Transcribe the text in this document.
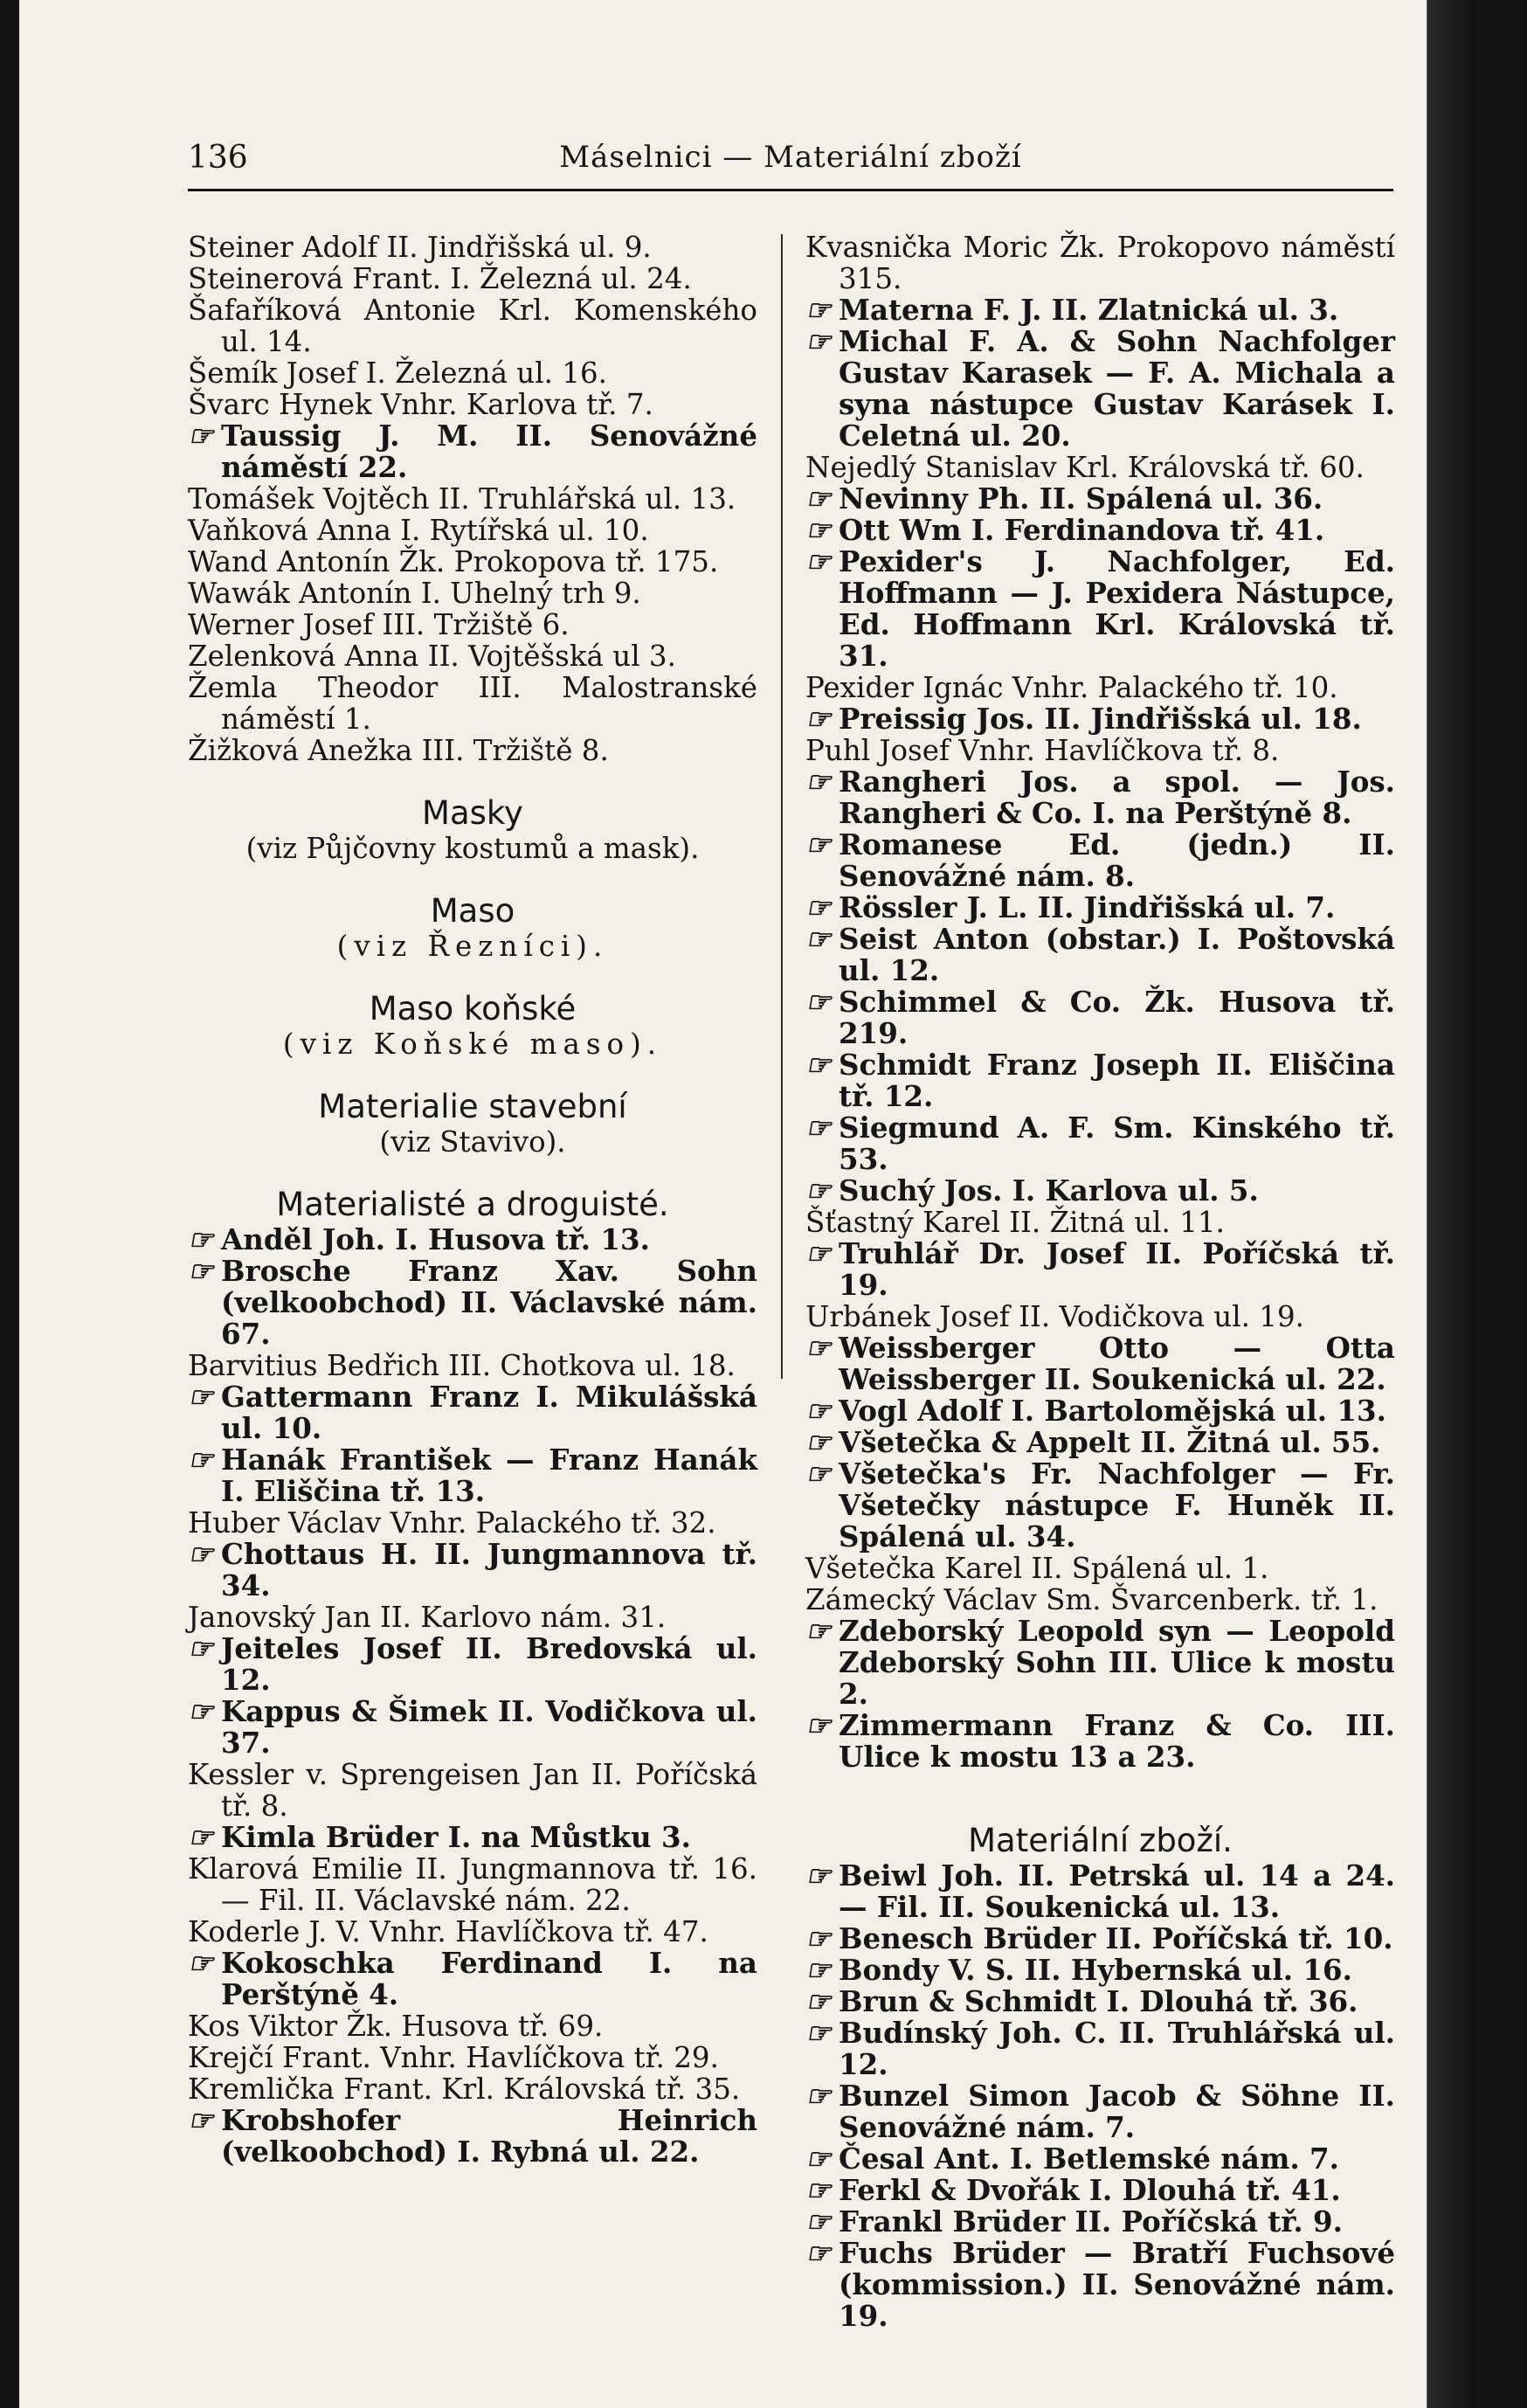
136	Máselnici — Materiální zboží

Steiner Adolf II. Jindřišská ul. 9.

Steinerová Frant. I. Železná ul. 24.

Šafaříková Antonie Krl. Komenského ul. 14.

Šemík Josef I. Železná ul. 16.

Švarc Hynek Vnhr. Karlova tř. 7.

☞ Taussig J. M. II. Senovážné náměstí 22.

Tomášek Vojtěch II. Truhlářská ul. 13.

Vaňková Anna I. Rytířská ul. 10.

Wand Antonín Žk. Prokopova tř. 175.

Wawák Antonín I. Uhelný trh 9.

Werner Josef III. Tržiště 6.

Zelenková Anna II. Vojtěšská ul 3.

Žemla Theodor III. Malostranské náměstí 1.

Žižková Anežka III. Tržiště 8.

Masky
(viz Půjčovny kostumů a mask).
Maso
(viz Řezníci).
Maso koňské
(viz Koňské maso).
Materialie stavební
(viz Stavivo).
Materialisté a droguisté.

☞ Anděl Joh. I. Husova tř. 13.

☞ Brosche Franz Xav. Sohn (velkoobchod) II. Václavské nám. 67.

Barvitius Bedřich III. Chotkova ul. 18.

☞ Gattermann Franz I. Mikulášská ul. 10.

☞ Hanák František — Franz Hanák I. Eliščina tř. 13.

Huber Václav Vnhr. Palackého tř. 32.

☞ Chottaus H. II. Jungmannova tř. 34.

Janovský Jan II. Karlovo nám. 31.

☞ Jeiteles Josef II. Bredovská ul. 12.

☞ Kappus & Šimek II. Vodičkova ul. 37.

Kessler v. Sprengeisen Jan II. Poříčská tř. 8.

☞ Kimla Brüder I. na Můstku 3.

Klarová Emilie II. Jungmannova tř. 16. — Fil. II. Václavské nám. 22.

Koderle J. V. Vnhr. Havlíčkova tř. 47.

☞ Kokoschka Ferdinand I. na Perštýně 4.

Kos Viktor Žk. Husova tř. 69.

Krejčí Frant. Vnhr. Havlíčkova tř. 29.

Kremlička Frant. Krl. Královská tř. 35.

☞ Krobshofer Heinrich (velkoobchod) I. Rybná ul. 22.

Kvasnička Moric Žk. Prokopovo náměstí 315.

☞ Materna F. J. II. Zlatnická ul. 3.

☞ Michal F. A. & Sohn Nachfolger Gustav Karasek — F. A. Michala a syna nástupce Gustav Karásek I. Celetná ul. 20.

Nejedlý Stanislav Krl. Královská tř. 60.

☞ Nevinny Ph. II. Spálená ul. 36.

☞ Ott Wm I. Ferdinandova tř. 41.

☞ Pexider's J. Nachfolger, Ed. Hoffmann — J. Pexidera Nástupce, Ed. Hoffmann Krl. Královská tř. 31.

Pexider Ignác Vnhr. Palackého tř. 10.

☞ Preissig Jos. II. Jindřišská ul. 18.

Puhl Josef Vnhr. Havlíčkova tř. 8.

☞ Rangheri Jos. a spol. — Jos. Rangheri & Co. I. na Perštýně 8.

☞ Romanese Ed. (jedn.) II. Senovážné nám. 8.

☞ Rössler J. L. II. Jindřišská ul. 7.

☞ Seist Anton (obstar.) I. Poštovská ul. 12.

☞ Schimmel & Co. Žk. Husova tř. 219.

☞ Schmidt Franz Joseph II. Eliščina tř. 12.

☞ Siegmund A. F. Sm. Kinského tř. 53.

☞ Suchý Jos. I. Karlova ul. 5.

Šťastný Karel II. Žitná ul. 11.

☞ Truhlář Dr. Josef II. Poříčská tř. 19.

Urbánek Josef II. Vodičkova ul. 19.

☞ Weissberger Otto — Otta Weissberger II. Soukenická ul. 22.

☞ Vogl Adolf I. Bartolomějská ul. 13.

☞ Všetečka & Appelt II. Žitná ul. 55.

☞ Všetečka's Fr. Nachfolger — Fr. Všetečky nástupce F. Huněk II. Spálená ul. 34.

Všetečka Karel II. Spálená ul. 1.

Zámecký Václav Sm. Švarcenberk. tř. 1.

☞ Zdeborský Leopold syn — Leopold Zdeborský Sohn III. Ulice k mostu 2.

☞ Zimmermann Franz & Co. III. Ulice k mostu 13 a 23.

Materiální zboží.

☞ Beiwl Joh. II. Petrská ul. 14 a 24. — Fil. II. Soukenická ul. 13.

☞ Benesch Brüder II. Poříčská tř. 10.

☞ Bondy V. S. II. Hybernská ul. 16.

☞ Brun & Schmidt I. Dlouhá tř. 36.

☞ Budínský Joh. C. II. Truhlářská ul. 12.

☞ Bunzel Simon Jacob & Söhne II. Senovážné nám. 7.

☞ Česal Ant. I. Betlemské nám. 7.

☞ Ferkl & Dvořák I. Dlouhá tř. 41.

☞ Frankl Brüder II. Poříčská tř. 9.

☞ Fuchs Brüder — Bratří Fuchsové (kommission.) II. Senovážné nám. 19.
